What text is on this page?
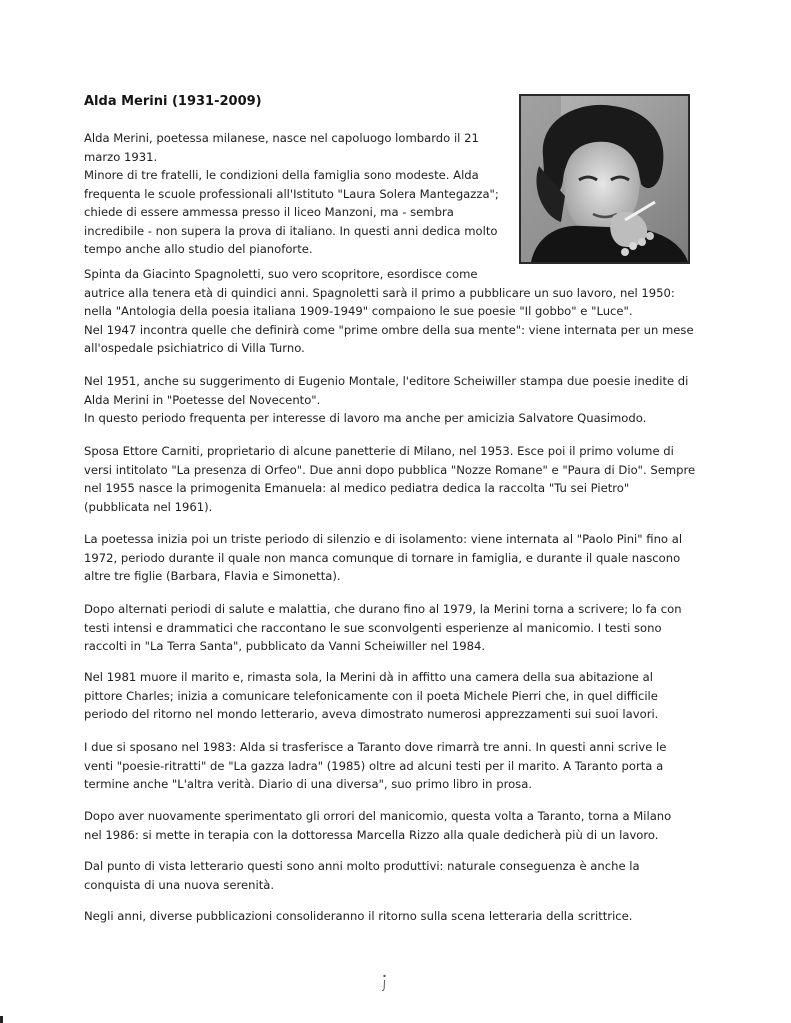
Alda Merini (1931-2009)

Alda Merini, poetessa milanese, nasce nel capoluogo lombardo il 21
marzo 1931.
Minore di tre fratelli, le condizioni della famiglia sono modeste. Alda
frequenta le scuole professionali all'Istituto "Laura Solera Mantegazza";
chiede di essere ammessa presso il liceo Manzoni, ma - sembra
incredibile - non supera la prova di italiano. In questi anni dedica molto
tempo anche allo studio del pianoforte.

Spinta da Giacinto Spagnoletti, suo vero scopritore, esordisce come
autrice alla tenera età di quindici anni. Spagnoletti sarà il primo a pubblicare un suo lavoro, nel 1950:
nella "Antologia della poesia italiana 1909-1949" compaiono le sue poesie "Il gobbo" e "Luce".
Nel 1947 incontra quelle che definirà come "prime ombre della sua mente": viene internata per un mese
all'ospedale psichiatrico di Villa Turno.

Nel 1951, anche su suggerimento di Eugenio Montale, l'editore Scheiwiller stampa due poesie inedite di
Alda Merini in "Poetesse del Novecento".
In questo periodo frequenta per interesse di lavoro ma anche per amicizia Salvatore Quasimodo.

Sposa Ettore Carniti, proprietario di alcune panetterie di Milano, nel 1953. Esce poi il primo volume di
versi intitolato "La presenza di Orfeo". Due anni dopo pubblica "Nozze Romane" e "Paura di Dio". Sempre
nel 1955 nasce la primogenita Emanuela: al medico pediatra dedica la raccolta "Tu sei Pietro"
(pubblicata nel 1961).

La poetessa inizia poi un triste periodo di silenzio e di isolamento: viene internata al "Paolo Pini" fino al
1972, periodo durante il quale non manca comunque di tornare in famiglia, e durante il quale nascono
altre tre figlie (Barbara, Flavia e Simonetta).

Dopo alternati periodi di salute e malattia, che durano fino al 1979, la Merini torna a scrivere; lo fa con
testi intensi e drammatici che raccontano le sue sconvolgenti esperienze al manicomio. I testi sono
raccolti in "La Terra Santa", pubblicato da Vanni Scheiwiller nel 1984.

Nel 1981 muore il marito e, rimasta sola, la Merini dà in affitto una camera della sua abitazione al
pittore Charles; inizia a comunicare telefonicamente con il poeta Michele Pierri che, in quel difficile
periodo del ritorno nel mondo letterario, aveva dimostrato numerosi apprezzamenti sui suoi lavori.

I due si sposano nel 1983: Alda si trasferisce a Taranto dove rimarrà tre anni. In questi anni scrive le
venti "poesie-ritratti" de "La gazza ladra" (1985) oltre ad alcuni testi per il marito. A Taranto porta a
termine anche "L'altra verità. Diario di una diversa", suo primo libro in prosa.

Dopo aver nuovamente sperimentato gli orrori del manicomio, questa volta a Taranto, torna a Milano
nel 1986: si mette in terapia con la dottoressa Marcella Rizzo alla quale dedicherà più di un lavoro.

Dal punto di vista letterario questi sono anni molto produttivi: naturale conseguenza è anche la
conquista di una nuova serenità.

Negli anni, diverse pubblicazioni consolideranno il ritorno sulla scena letteraria della scrittrice.
